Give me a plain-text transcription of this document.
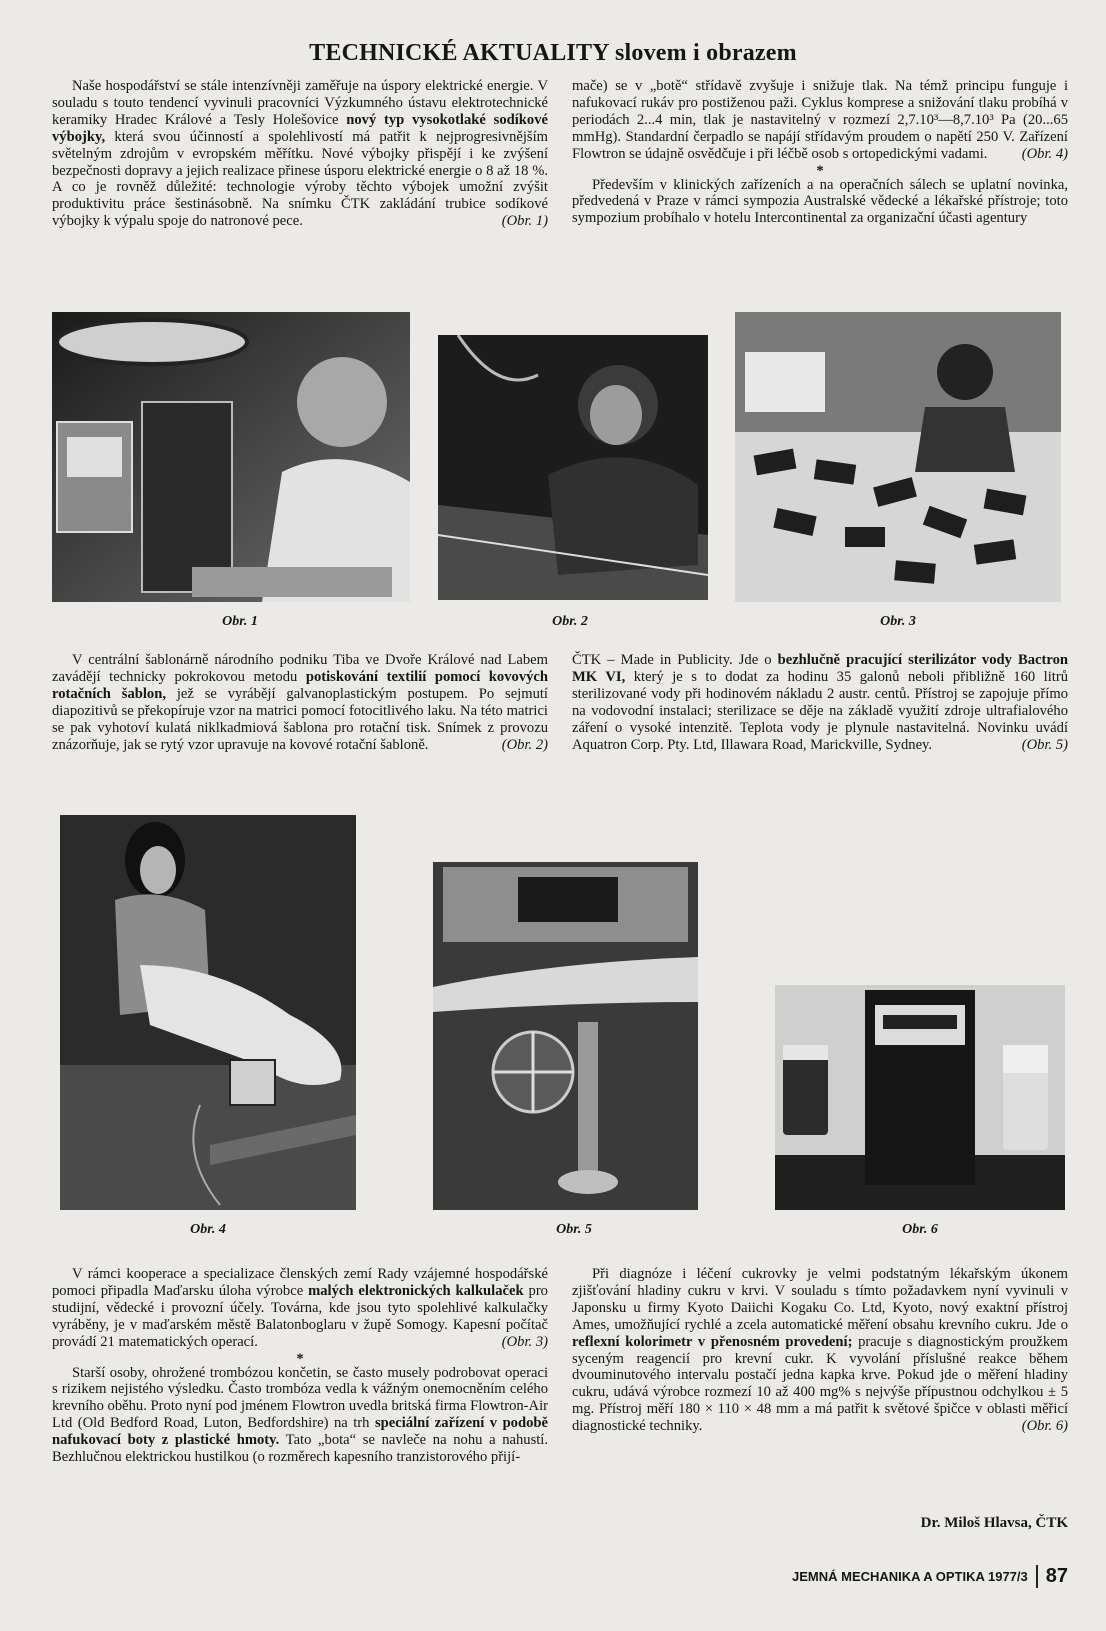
TECHNICKÉ AKTUALITY slovem i obrazem

Naše hospodářství se stále intenzívněji zaměřuje na úspory elektrické energie. V souladu s touto tendencí vyvinuli pracovníci Výzkumného ústavu elektrotechnické keramiky Hradec Králové a Tesly Holešovice nový typ vysokotlaké sodíkové výbojky, která svou účinností a spolehlivostí má patřit k nejprogresivnějším světelným zdrojům v evropském měřítku. Nové výbojky přispějí i ke zvýšení bezpečnosti dopravy a jejich realizace přinese úsporu elektrické energie o 8 až 18 %. A co je rovněž důležité: technologie výroby těchto výbojek umožní zvýšit produktivitu práce šestinásobně. Na snímku ČTK zakládání trubice sodíkové výbojky k výpalu spoje do natronové pece.	(Obr. 1)

mače) se v „botě“ střídavě zvyšuje i snižuje tlak. Na témž principu funguje i nafukovací rukáv pro postiženou paži. Cyklus komprese a snižování tlaku probíhá v periodách 2...4 min, tlak je nastavitelný v rozmezí 2,7.10³—8,7.10³ Pa (20...65 mmHg). Standardní čerpadlo se napájí střídavým proudem o napětí 250 V. Zařízení Flowtron se údajně osvědčuje i při léčbě osob s ortopedickými vadami. (Obr. 4)

*

Především v klinických zařízeních a na operačních sálech se uplatní novinka, předvedená v Praze v rámci sympozia Australské vědecké a lékařské přístroje; toto sympozium probíhalo v hotelu Intercontinental za organizační účasti agentury

Obr. 1	Obr. 2	Obr. 3

V centrální šablonárně národního podniku Tiba ve Dvoře Králové nad Labem zavádějí technicky pokrokovou metodu potiskování textilií pomocí kovových rotačních šablon, jež se vyrábějí galvanoplastickým postupem. Po sejmutí diapozitivů se překopíruje vzor na matrici pomocí fotocitlivého laku. Na této matrici se pak vyhotoví kulatá niklkadmiová šablona pro rotační tisk. Snímek z provozu znázorňuje, jak se rytý vzor upravuje na kovové rotační šabloně.	(Obr. 2)

ČTK – Made in Publicity. Jde o bezhlučně pracující sterilizátor vody Bactron MK VI, který je s to dodat za hodinu 35 galonů neboli přibližně 160 litrů sterilizované vody při hodinovém nákladu 2 austr. centů. Přístroj se zapojuje přímo na vodovodní instalaci; sterilizace se děje na základě využití zdroje ultrafialového záření o vysoké intenzitě. Teplota vody je plynule nastavitelná. Novinku uvádí Aquatron Corp. Pty. Ltd, Illawara Road, Marickville, Sydney.	(Obr. 5)

Obr. 4	Obr. 5	Obr. 6

V rámci kooperace a specializace členských zemí Rady vzájemné hospodářské pomoci připadla Maďarsku úloha výrobce malých elektronických kalkulaček pro studijní, vědecké i provozní účely. Továrna, kde jsou tyto spolehlivé kalkulačky vyráběny, je v maďarském městě Balatonboglaru v župě Somogy. Kapesní počítač provádí 21 matematických operací.	(Obr. 3)

*

Starší osoby, ohrožené trombózou končetin, se často musely podrobovat operaci s rizikem nejistého výsledku. Často trombóza vedla k vážným onemocněním celého krevního oběhu. Proto nyní pod jménem Flowtron uvedla britská firma Flowtron-Air Ltd (Old Bedford Road, Luton, Bedfordshire) na trh speciální zařízení v podobě nafukovací boty z plastické hmoty. Tato „bota“ se navleče na nohu a nahustí. Bezhlučnou elektrickou hustilkou (o rozměrech kapesního tranzistorového přijí-

Při diagnóze i léčení cukrovky je velmi podstatným lékařským úkonem zjišťování hladiny cukru v krvi. V souladu s tímto požadavkem nyní vyvinuli v Japonsku u firmy Kyoto Daiichi Kogaku Co. Ltd, Kyoto, nový exaktní přístroj Ames, umožňující rychlé a zcela automatické měření obsahu krevního cukru. Jde o reflexní kolorimetr v přenosném provedení; pracuje s diagnostickým proužkem syceným reagencií pro krevní cukr. K vyvolání příslušné reakce během dvouminutového intervalu postačí jedna kapka krve. Pokud jde o měření hladiny cukru, udává výrobce rozmezí 10 až 400 mg% s nejvýše přípustnou odchylkou ± 5 mg. Přístroj měří 180 × 110 × 48 mm a má patřit k světové špičce v oblasti měřicí diagnostické techniky.	(Obr. 6)

Dr. Miloš Hlavsa, ČTK
JEMNÁ MECHANIKA A OPTIKA 1977/3 87
